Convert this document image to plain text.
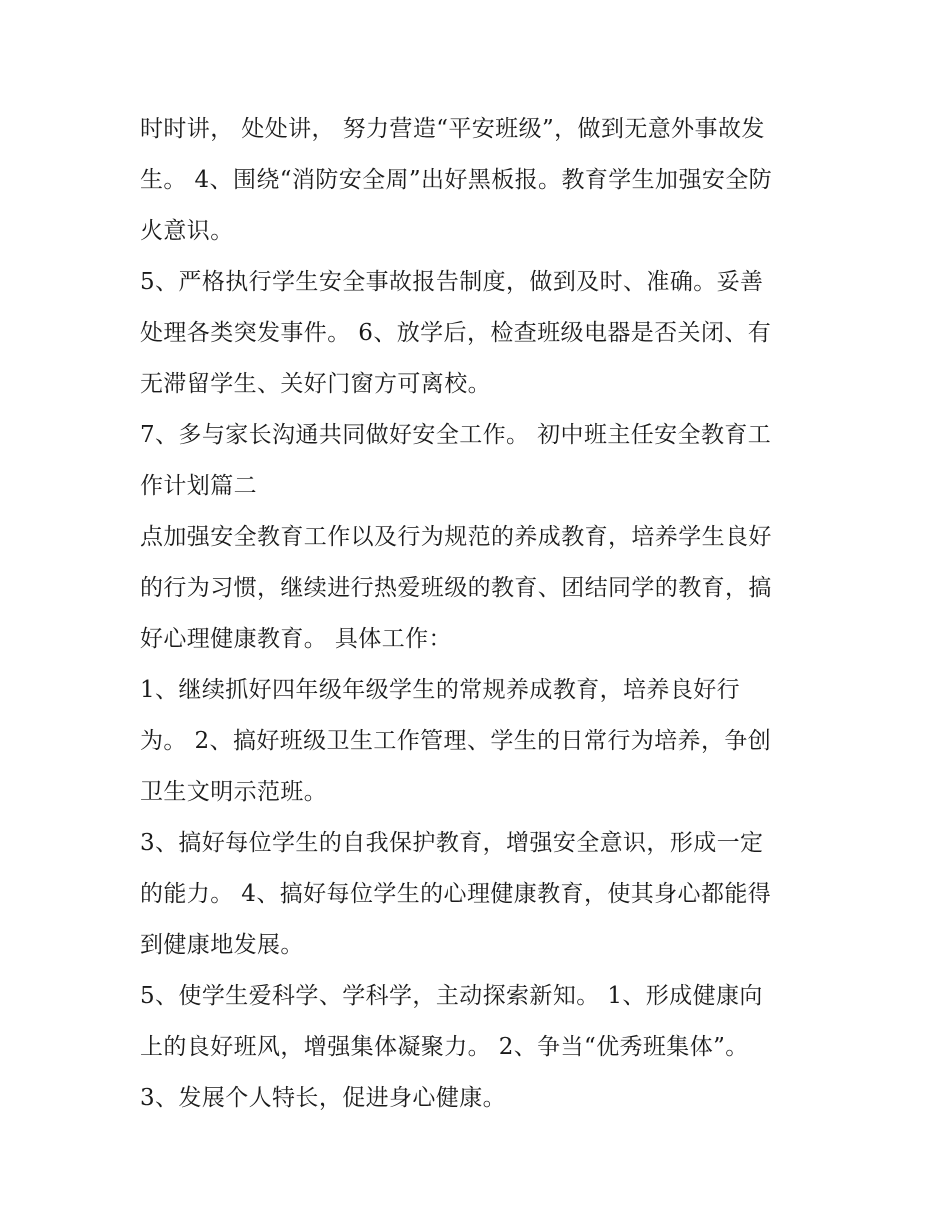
时时讲， 处处讲， 努力营造“平安班级”，做到无意外事故发
生。 4、围绕“消防安全周”出好黑板报。教育学生加强安全防
火意识。

5、严格执行学生安全事故报告制度，做到及时、准确。妥善
处理各类突发事件。 6、放学后，检查班级电器是否关闭、有
无滞留学生、关好门窗方可离校。

7、多与家长沟通共同做好安全工作。 初中班主任安全教育工
作计划篇二

点加强安全教育工作以及行为规范的养成教育，培养学生良好
的行为习惯，继续进行热爱班级的教育、团结同学的教育，搞
好心理健康教育。 具体工作：

1、继续抓好四年级年级学生的常规养成教育，培养良好行
为。 2、搞好班级卫生工作管理、学生的日常行为培养，争创
卫生文明示范班。

3、搞好每位学生的自我保护教育，增强安全意识，形成一定
的能力。 4、搞好每位学生的心理健康教育，使其身心都能得
到健康地发展。

5、使学生爱科学、学科学，主动探索新知。 1、形成健康向
上的良好班风，增强集体凝聚力。 2、争当“优秀班集体”。

3、发展个人特长，促进身心健康。
